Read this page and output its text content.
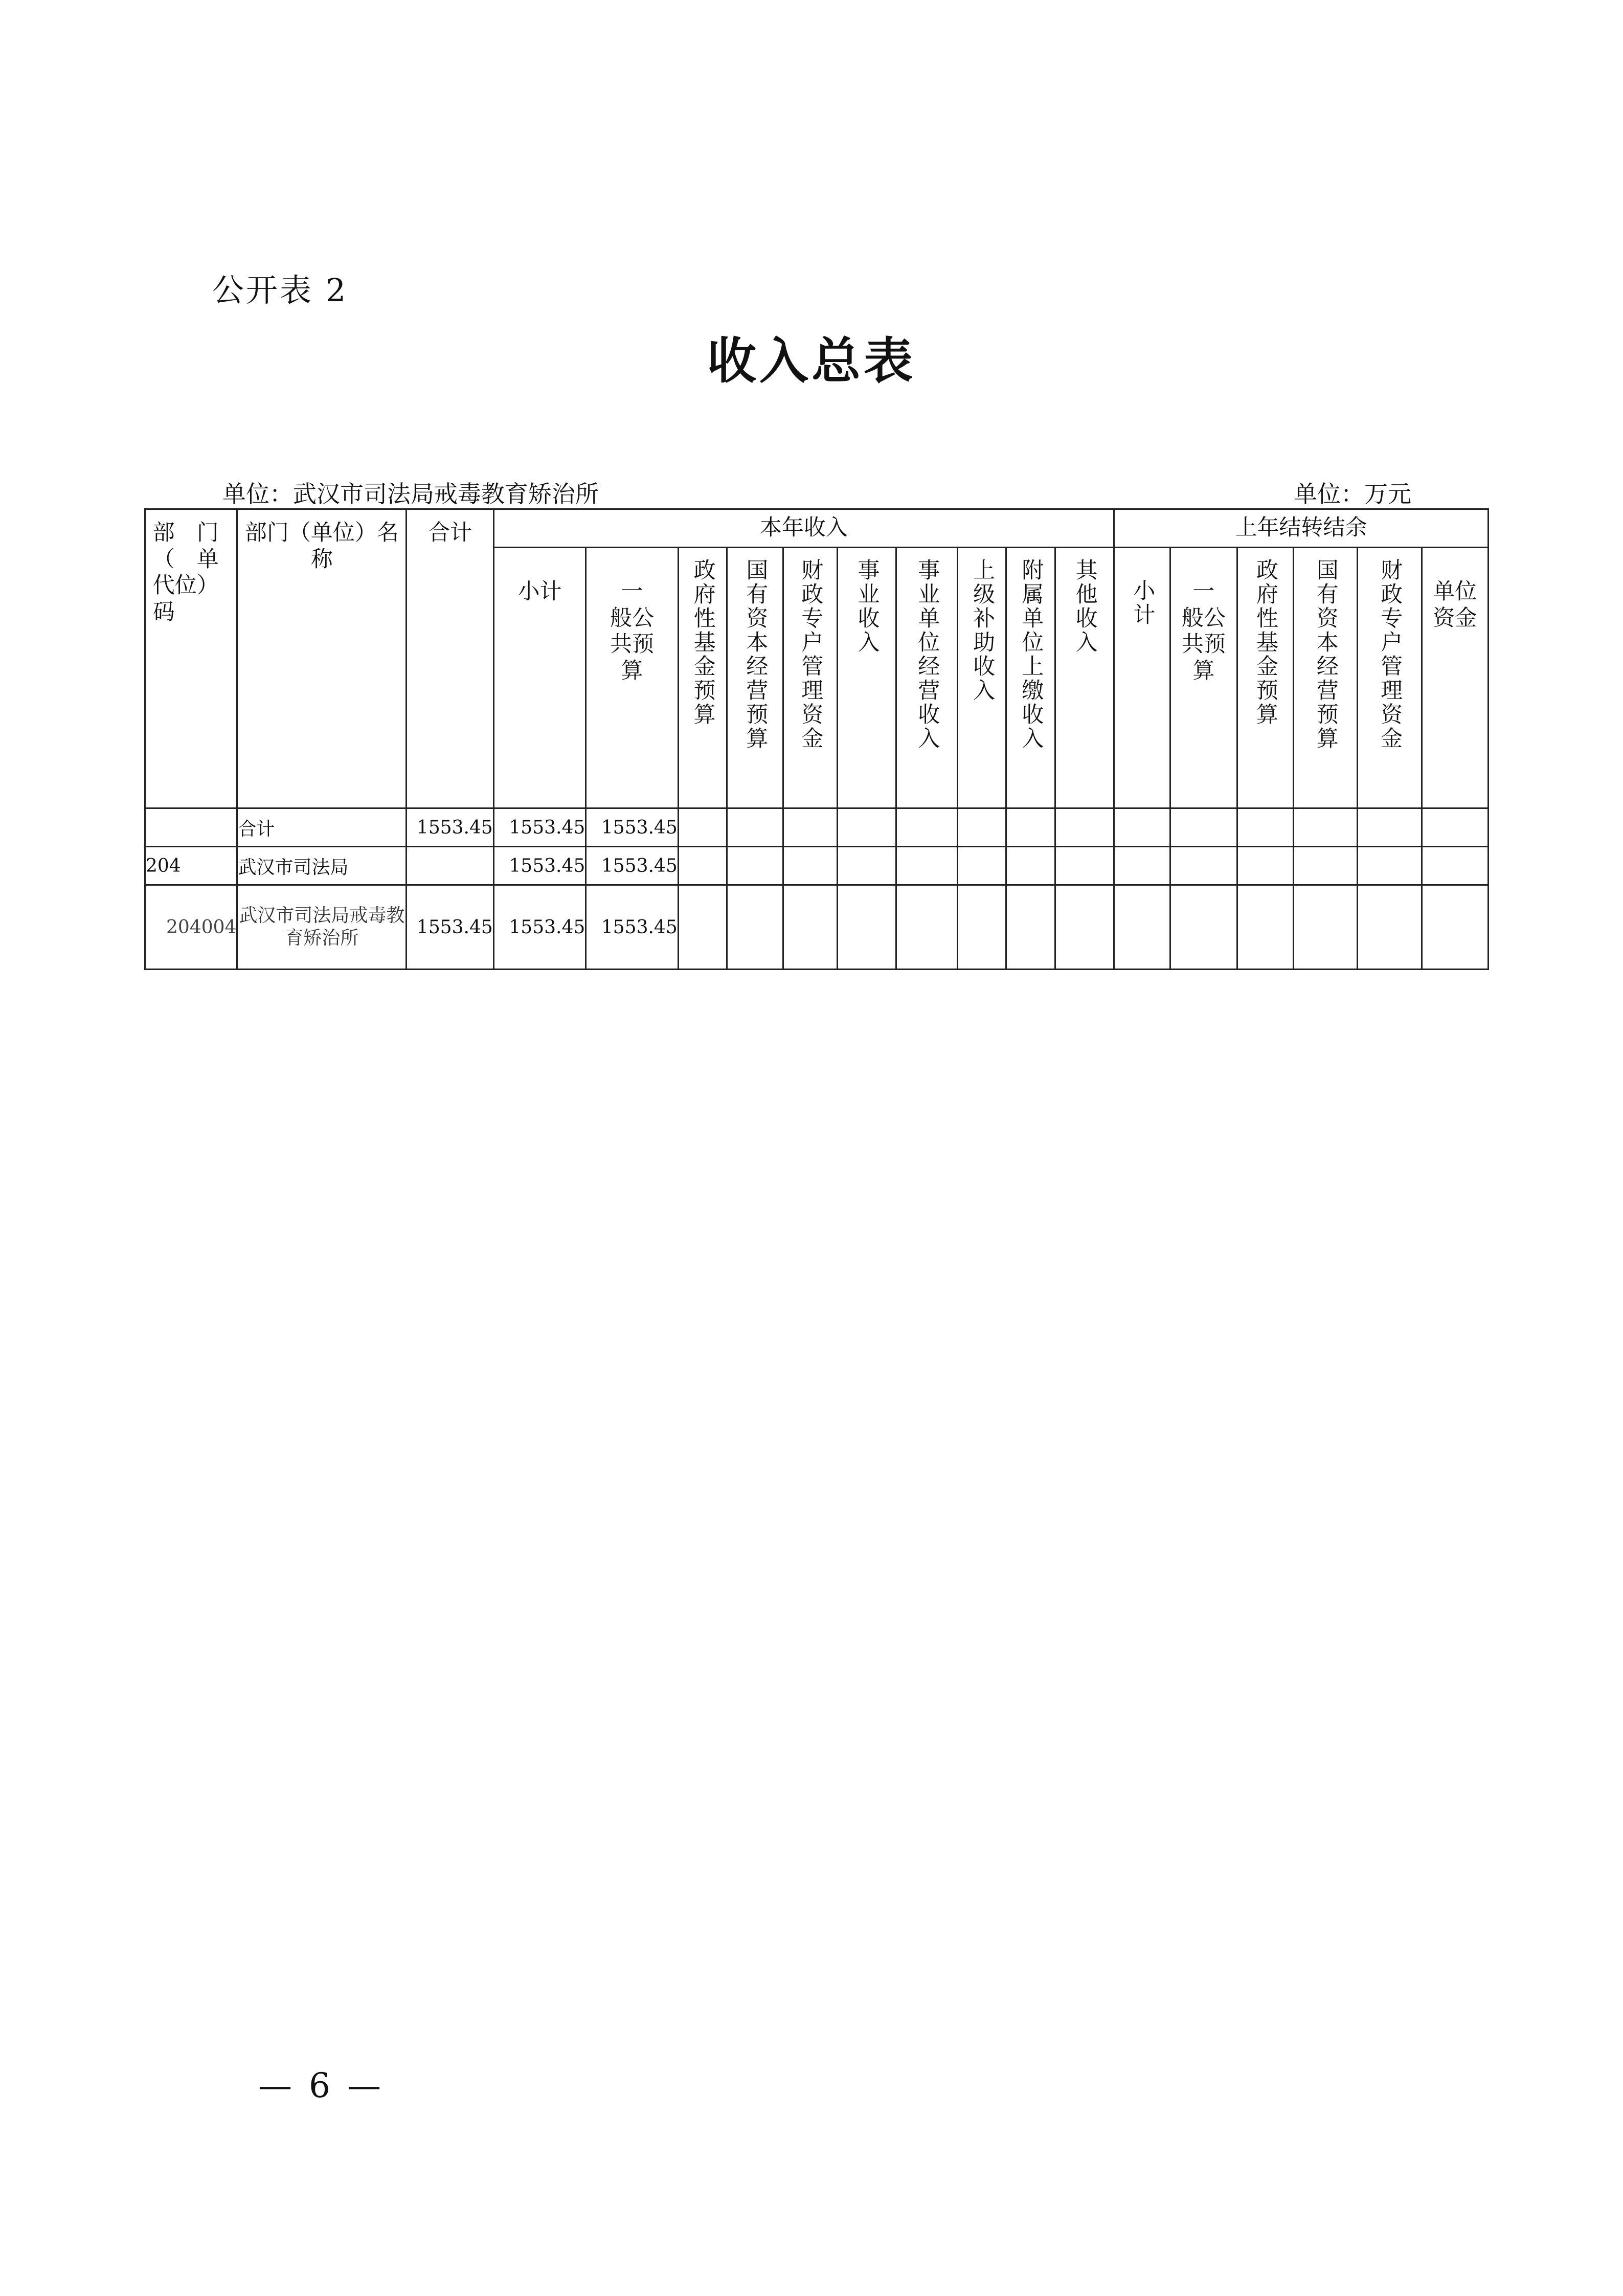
公开表 2
收入总表
单位：武汉市司法局戒毒教育矫治所	单位：万元
部　门（　单代位）码	部门（单位）名称	合计	本年收入										上年结转结余					
			小计	一　般公　共预算	政府性基金预算	国有资本经营预算	财政专户管理资金	事业收入	事业单位经营收入	上级补助收入	附属单位上缴收入	其他收入	小计	一　般公　共预算	政府性基金预算	国有资本经营预算	财政专户管理资金	单位资金

	合计	1553.45	1553.45	1553.45														
204	武汉市司法局		1553.45	1553.45														
204004	武汉市司法局戒毒教育矫治所	1553.45	1553.45	1553.45														
— 6 —
